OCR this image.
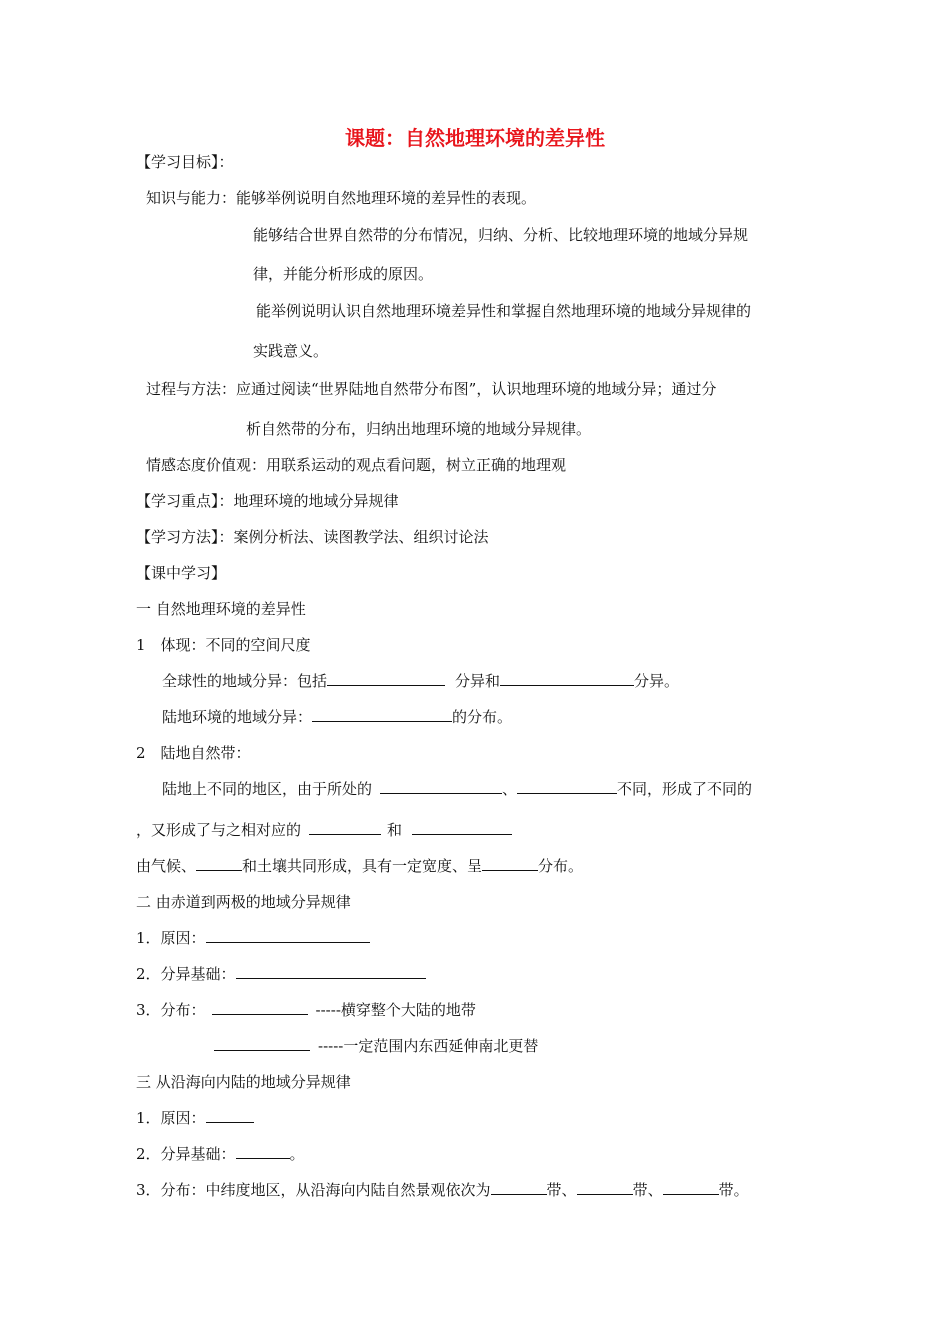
课题：自然地理环境的差异性
【学习目标】：
知识与能力：能够举例说明自然地理环境的差异性的表现。
能够结合世界自然带的分布情况，归纳、分析、比较地理环境的地域分异规
律，并能分析形成的原因。
能举例说明认识自然地理环境差异性和掌握自然地理环境的地域分异规律的
实践意义。
过程与方法：应通过阅读“世界陆地自然带分布图”，认识地理环境的地域分异；通过分
析自然带的分布，归纳出地理环境的地域分异规律。
情感态度价值观：用联系运动的观点看问题，树立正确的地理观
【学习重点】：地理环境的地域分异规律
【学习方法】：案例分析法、读图教学法、组织讨论法
【课中学习】
一 自然地理环境的差异性
1　体现：不同的空间尺度
全球性的地域分异：包括	分异和	分异。
陆地环境的地域分异：	的分布。
2　陆地自然带：
陆地上不同的地区，由于所处的	、	不同，形成了不同的
，又形成了与之相对应的	和
由气候、	和土壤共同形成，具有一定宽度、呈	分布。
二 由赤道到两极的地域分异规律
1．原因：
2．分异基础：
3．分布：	-----横穿整个大陆的地带
-----一定范围内东西延伸南北更替
三 从沿海向内陆的地域分异规律
1．原因：
2．分异基础：	。
3．分布：中纬度地区，从沿海向内陆自然景观依次为	带、	带、	带。
